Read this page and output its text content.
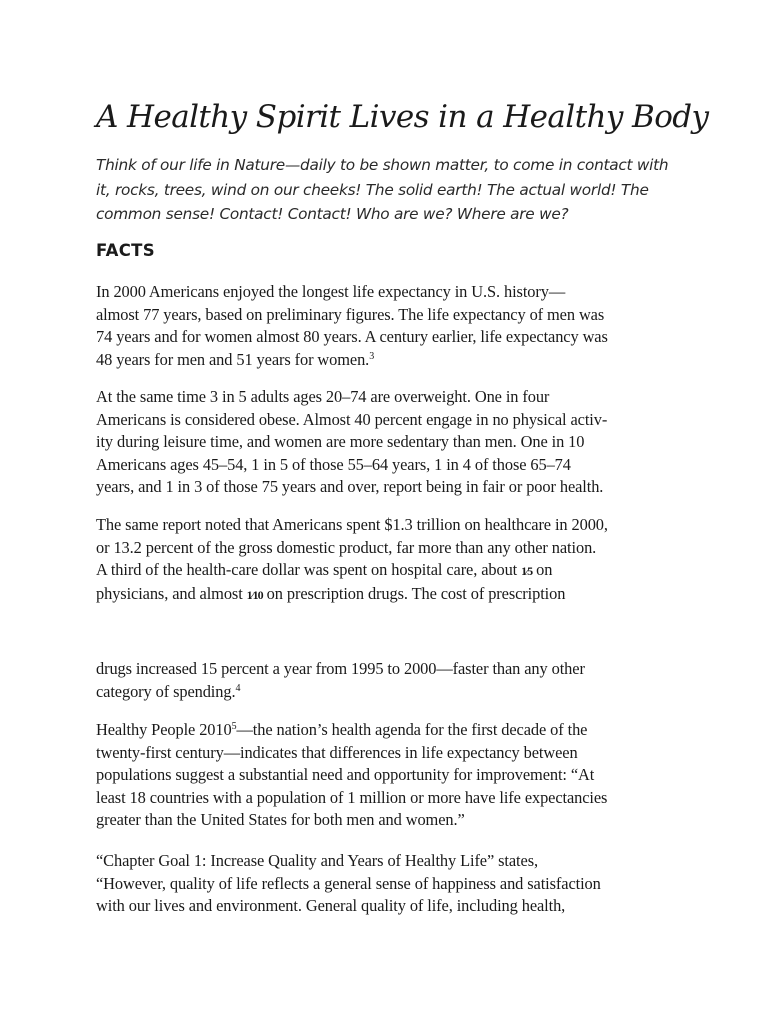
A Healthy Spirit Lives in a Healthy Body

Think of our life in Nature—daily to be shown matter, to come in contact with
it, rocks, trees, wind on our cheeks! The solid earth! The actual world! The
common sense! Contact! Contact! Who are we? Where are we?

FACTS

In 2000 Americans enjoyed the longest life expectancy in U.S. history—
almost 77 years, based on preliminary figures. The life expectancy of men was
74 years and for women almost 80 years. A century earlier, life expectancy was
48 years for men and 51 years for women.$^3$

At the same time 3 in 5 adults ages 20–74 are overweight. One in four
Americans is considered obese. Almost 40 percent engage in no physical activ-
ity during leisure time, and women are more sedentary than men. One in 10
Americans ages 45–54, 1 in 5 of those 55–64 years, 1 in 4 of those 65–74
years, and 1 in 3 of those 75 years and over, report being in fair or poor health.

The same report noted that Americans spent $1.3 trillion on healthcare in 2000,
or 13.2 percent of the gross domestic product, far more than any other nation.
A third of the health-care dollar was spent on hospital care, about 1⁄5 on
physicians, and almost 1⁄10 on prescription drugs. The cost of prescription

drugs increased 15 percent a year from 1995 to 2000—faster than any other
category of spending.$^4$

Healthy People 2010$^5$—the nation’s health agenda for the first decade of the
twenty-first century—indicates that differences in life expectancy between
populations suggest a substantial need and opportunity for improvement: “At
least 18 countries with a population of 1 million or more have life expectancies
greater than the United States for both men and women.”

“Chapter Goal 1: Increase Quality and Years of Healthy Life” states,
“However, quality of life reflects a general sense of happiness and satisfaction
with our lives and environment. General quality of life, including health,
